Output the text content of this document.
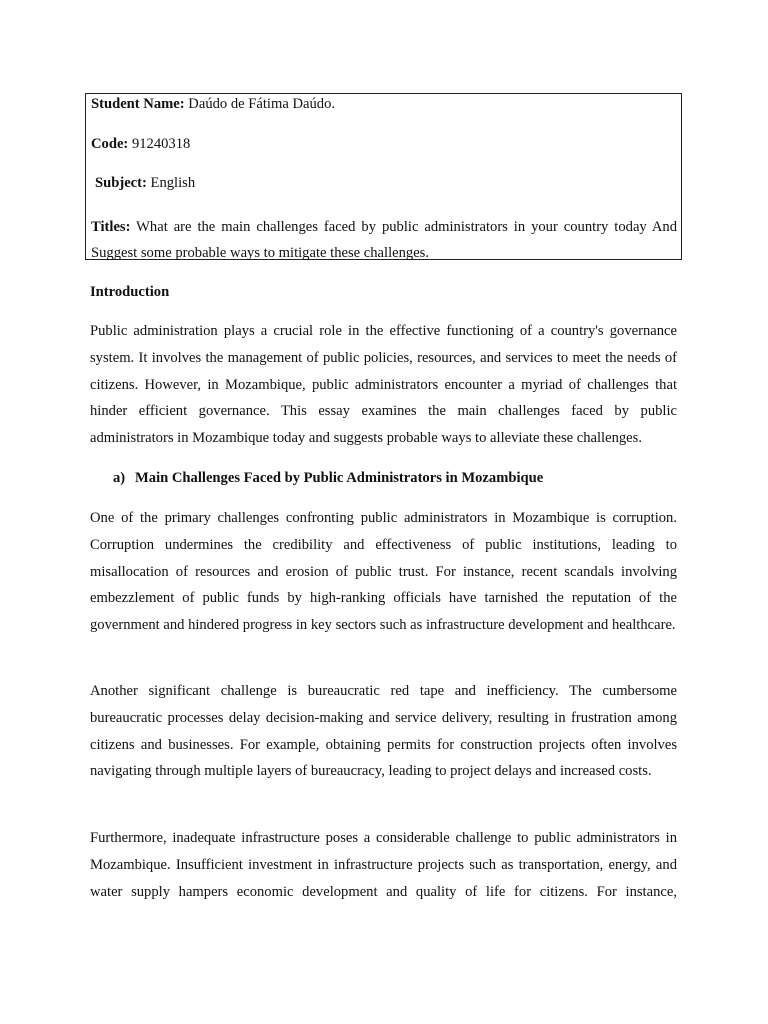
Student Name: Daúdo de Fátima Daúdo.
Code: 91240318
Subject: English
Titles: What are the main challenges faced by public administrators in your country today And Suggest some probable ways to mitigate these challenges.
Introduction
Public administration plays a crucial role in the effective functioning of a country's governance system. It involves the management of public policies, resources, and services to meet the needs of citizens. However, in Mozambique, public administrators encounter a myriad of challenges that hinder efficient governance. This essay examines the main challenges faced by public administrators in Mozambique today and suggests probable ways to alleviate these challenges.
a) Main Challenges Faced by Public Administrators in Mozambique
One of the primary challenges confronting public administrators in Mozambique is corruption. Corruption undermines the credibility and effectiveness of public institutions, leading to misallocation of resources and erosion of public trust. For instance, recent scandals involving embezzlement of public funds by high-ranking officials have tarnished the reputation of the government and hindered progress in key sectors such as infrastructure development and healthcare.
Another significant challenge is bureaucratic red tape and inefficiency. The cumbersome bureaucratic processes delay decision-making and service delivery, resulting in frustration among citizens and businesses. For example, obtaining permits for construction projects often involves navigating through multiple layers of bureaucracy, leading to project delays and increased costs.
Furthermore, inadequate infrastructure poses a considerable challenge to public administrators in Mozambique. Insufficient investment in infrastructure projects such as transportation, energy, and water supply hampers economic development and quality of life for citizens. For instance,
